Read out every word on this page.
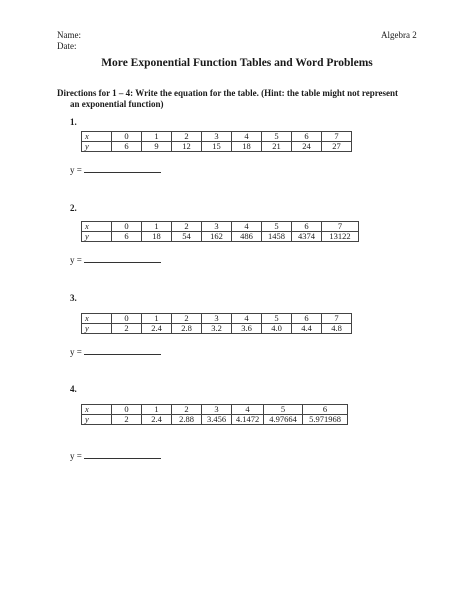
Name:
Date:
Algebra 2
More Exponential Function Tables and Word Problems
Directions for 1 – 4: Write the equation for the table. (Hint: the table might not represent
an exponential function)
1.
x	0	1	2	3	4	5	6	7
y	6	9	12	15	18	21	24	27
y =
2.
x	0	1	2	3	4	5	6	7
y	6	18	54	162	486	1458	4374	13122
y =
3.
x	0	1	2	3	4	5	6	7
y	2	2.4	2.8	3.2	3.6	4.0	4.4	4.8
y =
4.
x	0	1	2	3	4	5	6
y	2	2.4	2.88	3.456	4.1472	4.97664	5.971968
y =
